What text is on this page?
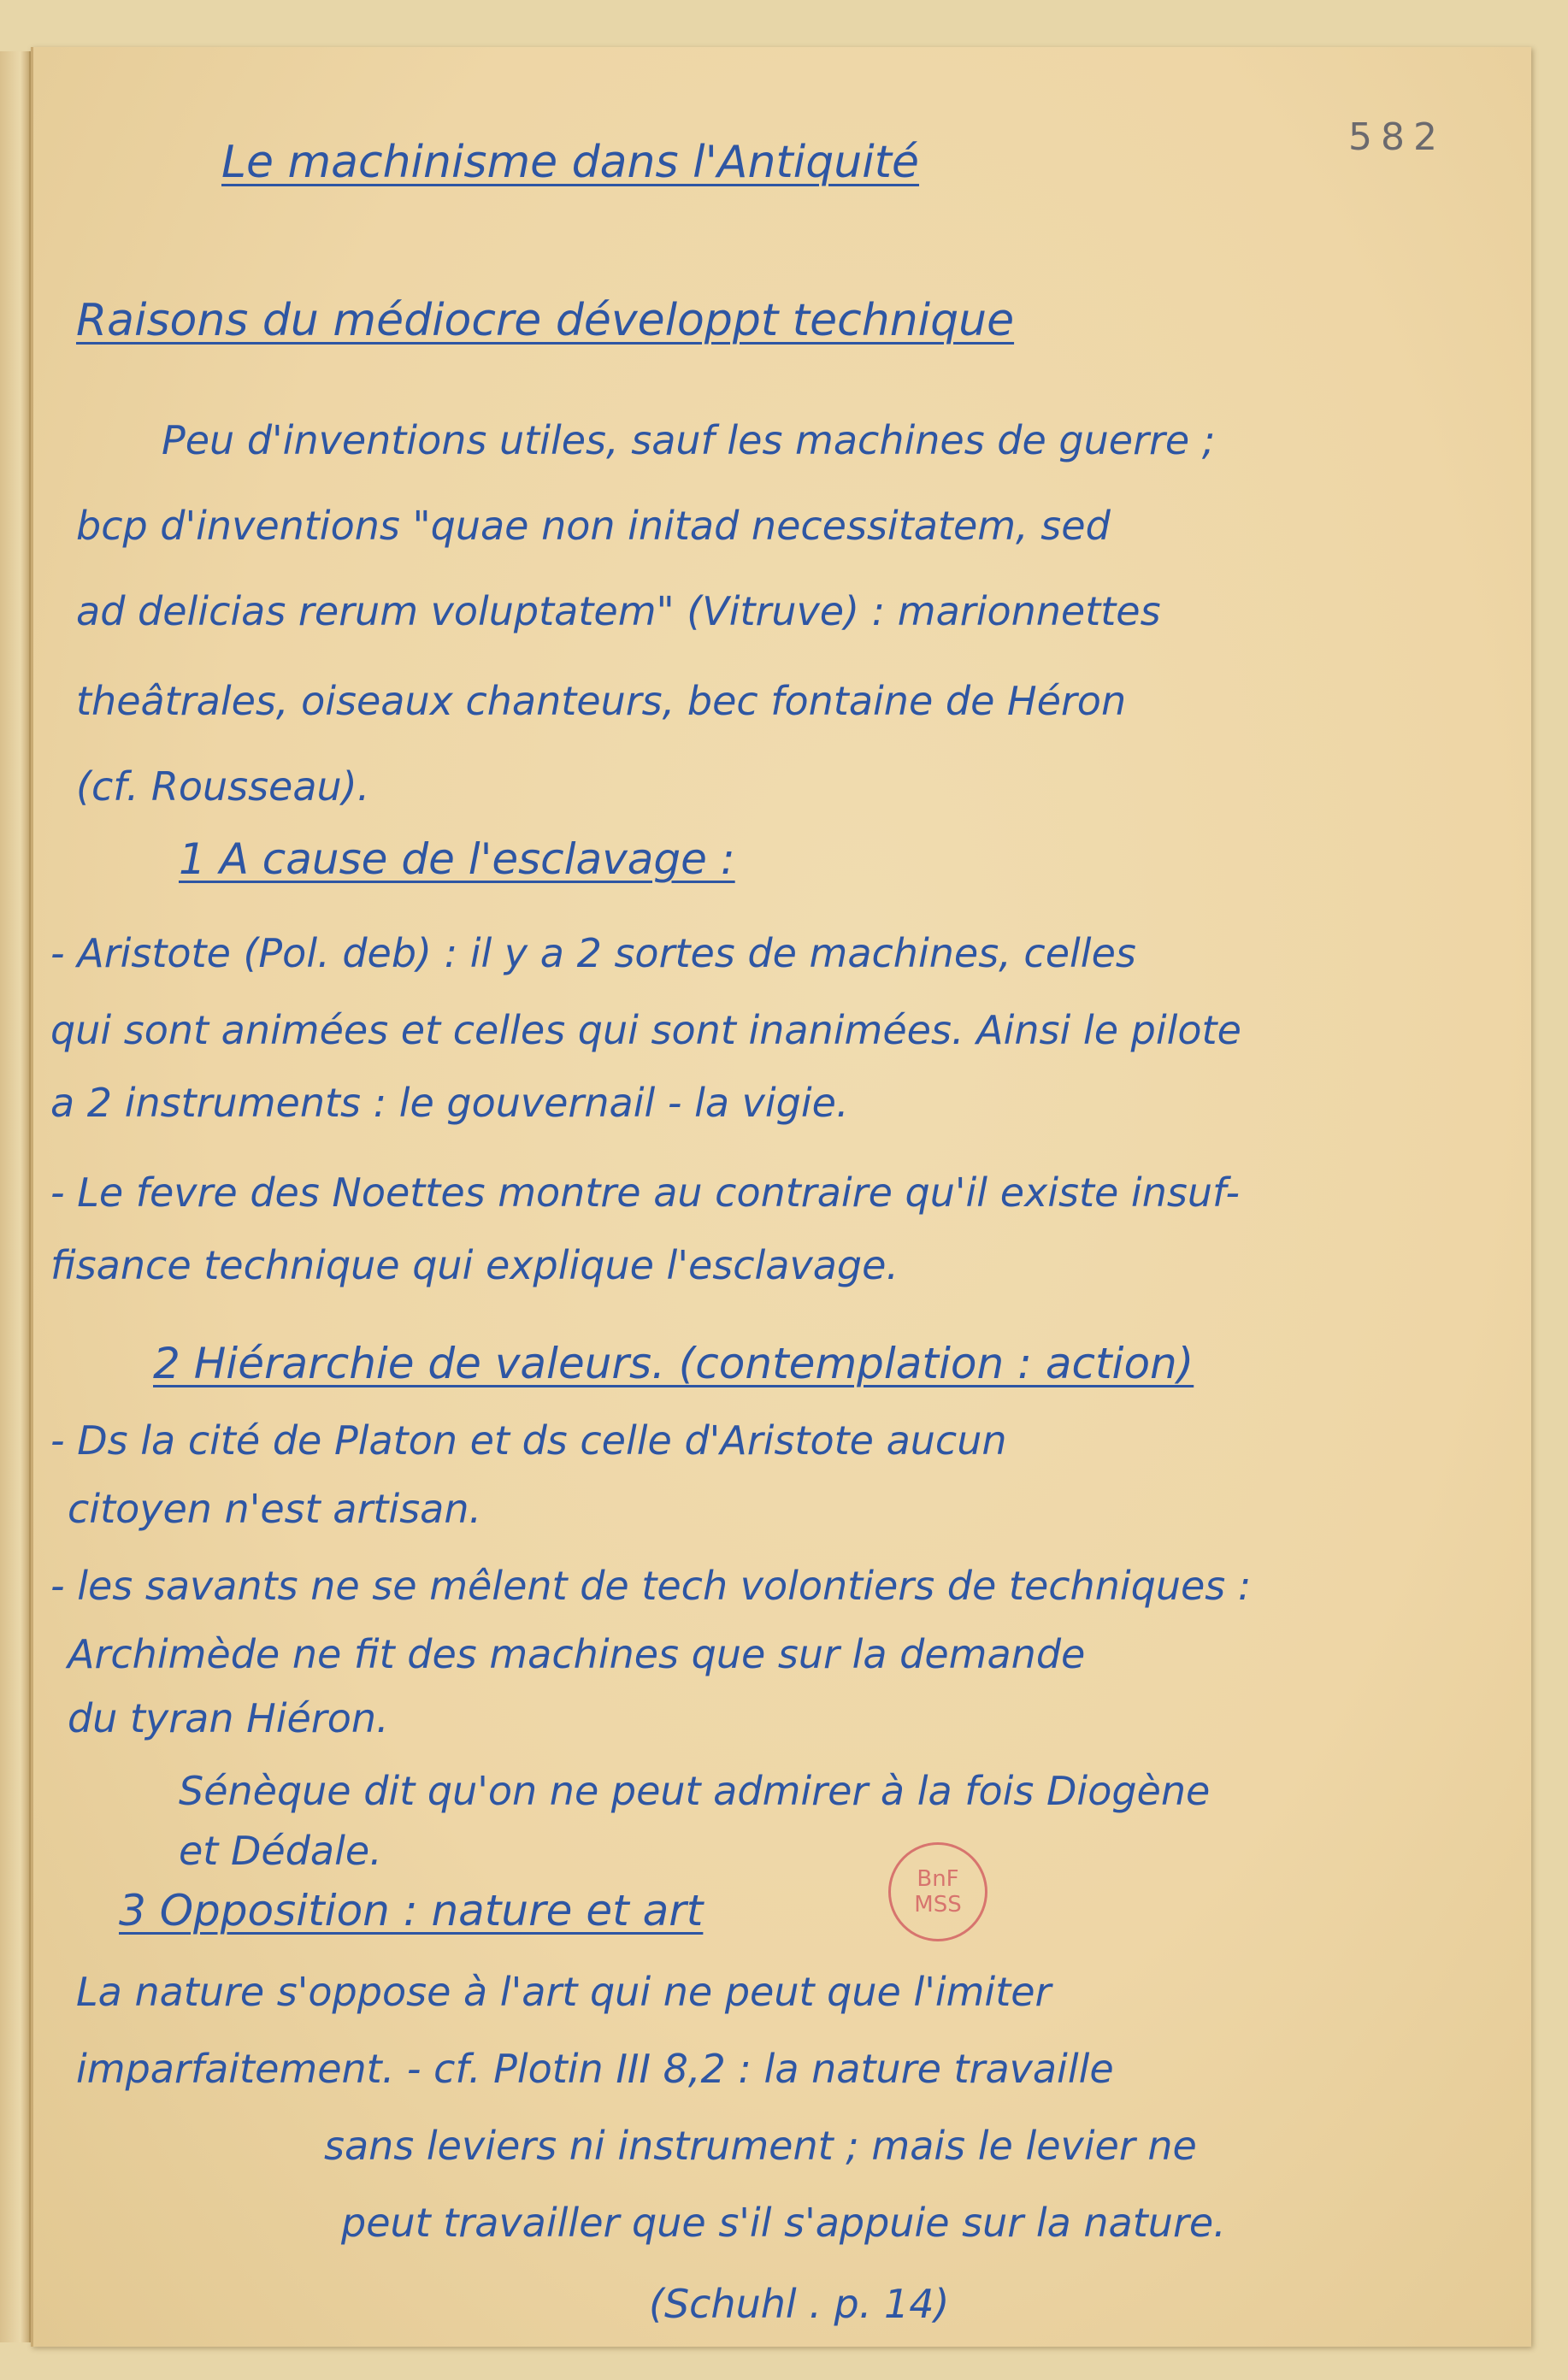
582
Le machinisme dans l'Antiquité
Raisons du médiocre développt technique
Peu d'inventions utiles, sauf les machines de guerre ;
bcp d'inventions "quae non initad necessitatem, sed
ad delicias rerum voluptatem" (Vitruve) : marionnettes
theâtrales, oiseaux chanteurs, bec fontaine de Héron
(cf. Rousseau).
1 A cause de l'esclavage :
- Aristote (Pol. deb) : il y a 2 sortes de machines, celles
qui sont animées et celles qui sont inanimées. Ainsi le pilote
a 2 instruments : le gouvernail - la vigie.
- Le fevre des Noettes montre au contraire qu'il existe insuf-
fisance technique qui explique l'esclavage.
2 Hiérarchie de valeurs. (contemplation : action)
- Ds la cité de Platon et ds celle d'Aristote aucun
citoyen n'est artisan.
- les savants ne se mêlent de tech volontiers de techniques :
Archimède ne fit des machines que sur la demande
du tyran Hiéron.
Sénèque dit qu'on ne peut admirer à la fois Diogène
et Dédale.
3 Opposition : nature et art
BnF
MSS
La nature s'oppose à l'art qui ne peut que l'imiter
imparfaitement. - cf. Plotin III 8,2 : la nature travaille
sans leviers ni instrument ; mais le levier ne
peut travailler que s'il s'appuie sur la nature.
(Schuhl . p. 14)
